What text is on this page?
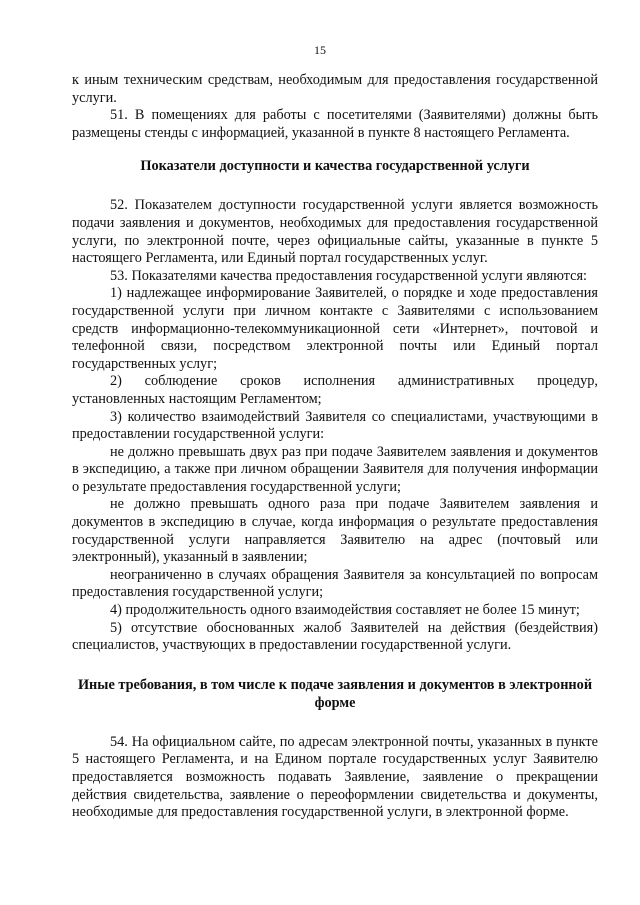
15

к иным техническим средствам, необходимым для предоставления государственной услуги.

51. В помещениях для работы с посетителями (Заявителями) должны быть размещены стенды с информацией, указанной в пункте 8 настоящего Регламента.

Показатели доступности и качества государственной услуги

52. Показателем доступности государственной услуги является возможность подачи заявления и документов, необходимых для предоставления государственной услуги, по электронной почте, через официальные сайты, указанные в пункте 5 настоящего Регламента, или Единый портал государственных услуг.

53. Показателями качества предоставления государственной услуги являются:

1) надлежащее информирование Заявителей, о порядке и ходе предоставления государственной услуги при личном контакте с Заявителями с использованием средств информационно-телекоммуникационной сети «Интернет», почтовой и телефонной связи, посредством электронной почты или Единый портал государственных услуг;

2) соблюдение сроков исполнения административных процедур, установленных настоящим Регламентом;

3) количество взаимодействий Заявителя со специалистами, участвующими в предоставлении государственной услуги:

не должно превышать двух раз при подаче Заявителем заявления и документов в экспедицию, а также при личном обращении Заявителя для получения информации о результате предоставления государственной услуги;

не должно превышать одного раза при подаче Заявителем заявления и документов в экспедицию в случае, когда информация о результате предоставления государственной услуги направляется Заявителю на адрес (почтовый или электронный), указанный в заявлении;

неограниченно в случаях обращения Заявителя за консультацией по вопросам предоставления государственной услуги;

4) продолжительность одного взаимодействия составляет не более 15 минут;

5) отсутствие обоснованных жалоб Заявителей на действия (бездействия) специалистов, участвующих в предоставлении государственной услуги.

Иные требования, в том числе к подаче заявления и документов в электронной форме

54. На официальном сайте, по адресам электронной почты, указанных в пункте 5 настоящего Регламента, и на Едином портале государственных услуг Заявителю предоставляется возможность подавать Заявление, заявление о прекращении действия свидетельства, заявление о переоформлении свидетельства и документы, необходимые для предоставления государственной услуги, в электронной форме.
